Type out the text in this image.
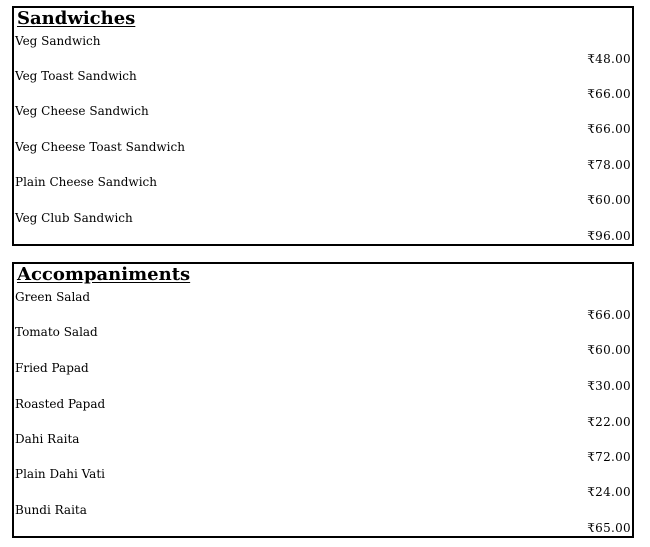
Sandwiches
Veg Sandwich
₹48.00
Veg Toast Sandwich
₹66.00
Veg Cheese Sandwich
₹66.00
Veg Cheese Toast Sandwich
₹78.00
Plain Cheese Sandwich
₹60.00
Veg Club Sandwich
₹96.00
Accompaniments
Green Salad
₹66.00
Tomato Salad
₹60.00
Fried Papad
₹30.00
Roasted Papad
₹22.00
Dahi Raita
₹72.00
Plain Dahi Vati
₹24.00
Bundi Raita
₹65.00
